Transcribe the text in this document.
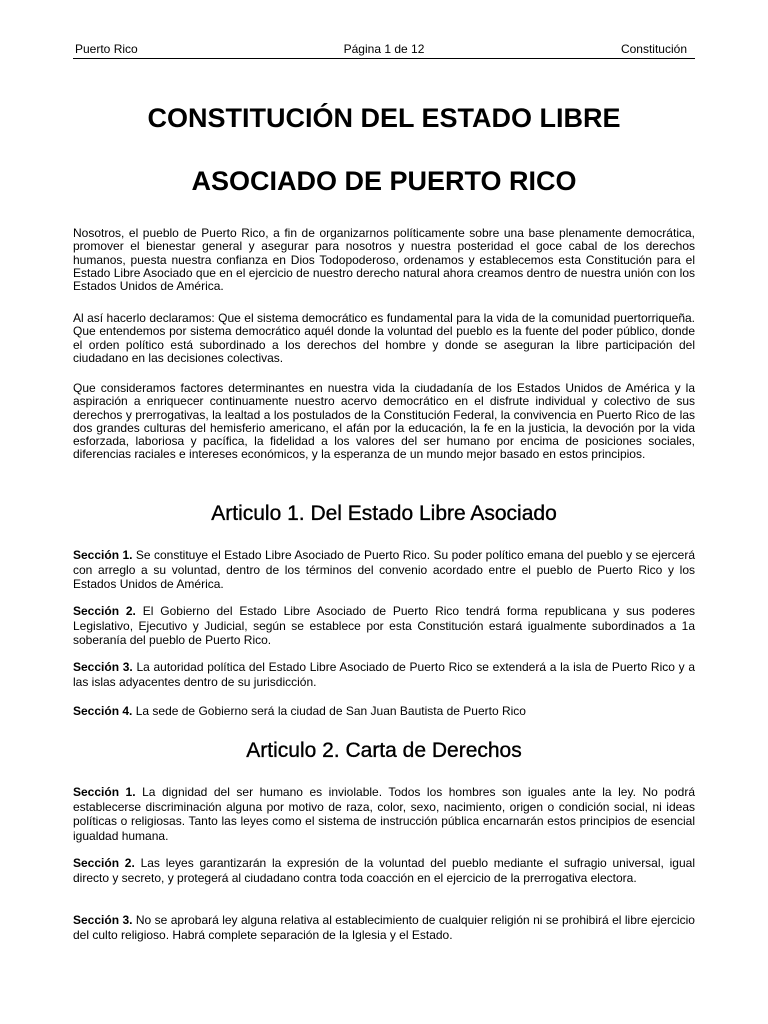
Puerto Rico	Página 1 de 12	Constitución
CONSTITUCIÓN DEL ESTADO LIBRE
ASOCIADO DE PUERTO RICO

Nosotros, el pueblo de Puerto Rico, a fin de organizarnos políticamente sobre una base plenamente democrática, promover el bienestar general y asegurar para nosotros y nuestra posteridad el goce cabal de los derechos humanos, puesta nuestra confianza en Dios Todopoderoso, ordenamos y establecemos esta Constitución para el Estado Libre Asociado que en el ejercicio de nuestro derecho natural ahora creamos dentro de nuestra unión con los Estados Unidos de América.

Al así hacerlo declaramos: Que el sistema democrático es fundamental para la vida de la comunidad puertorriqueña. Que entendemos por sistema democrático aquél donde la voluntad del pueblo es la fuente del poder público, donde el orden político está subordinado a los derechos del hombre y donde se aseguran la libre participación del ciudadano en las decisiones colectivas.

Que consideramos factores determinantes en nuestra vida la ciudadanía de los Estados Unidos de América y la aspiración a enriquecer continuamente nuestro acervo democrático en el disfrute individual y colectivo de sus derechos y prerrogativas, la lealtad a los postulados de la Constitución Federal, la convivencia en Puerto Rico de las dos grandes culturas del hemisferio americano, el afán por la educación, la fe en la justicia, la devoción por la vida esforzada, laboriosa y pacífica, la fidelidad a los valores del ser humano por encima de posiciones sociales, diferencias raciales e intereses económicos, y la esperanza de un mundo mejor basado en estos principios.

Articulo 1. Del Estado Libre Asociado

Sección 1. Se constituye el Estado Libre Asociado de Puerto Rico. Su poder político emana del pueblo y se ejercerá con arreglo a su voluntad, dentro de los términos del convenio acordado entre el pueblo de Puerto Rico y los Estados Unidos de América.

Sección 2. El Gobierno del Estado Libre Asociado de Puerto Rico tendrá forma republicana y sus poderes Legislativo, Ejecutivo y Judicial, según se establece por esta Constitución estará igualmente subordinados a 1a soberanía del pueblo de Puerto Rico.

Sección 3. La autoridad política del Estado Libre Asociado de Puerto Rico se extenderá a la isla de Puerto Rico y a las islas adyacentes dentro de su jurisdicción.

Sección 4. La sede de Gobierno será la ciudad de San Juan Bautista de Puerto Rico

Articulo 2. Carta de Derechos

Sección 1. La dignidad del ser humano es inviolable. Todos los hombres son iguales ante la ley. No podrá establecerse discriminación alguna por motivo de raza, color, sexo, nacimiento, origen o condición social, ni ideas políticas o religiosas. Tanto las leyes como el sistema de instrucción pública encarnarán estos principios de esencial igualdad humana.

Sección 2. Las leyes garantizarán la expresión de la voluntad del pueblo mediante el sufragio universal, igual directo y secreto, y protegerá al ciudadano contra toda coacción en el ejercicio de la prerrogativa electora.

Sección 3. No se aprobará ley alguna relativa al establecimiento de cualquier religión ni se prohibirá el libre ejercicio del culto religioso. Habrá complete separación de la Iglesia y el Estado.
